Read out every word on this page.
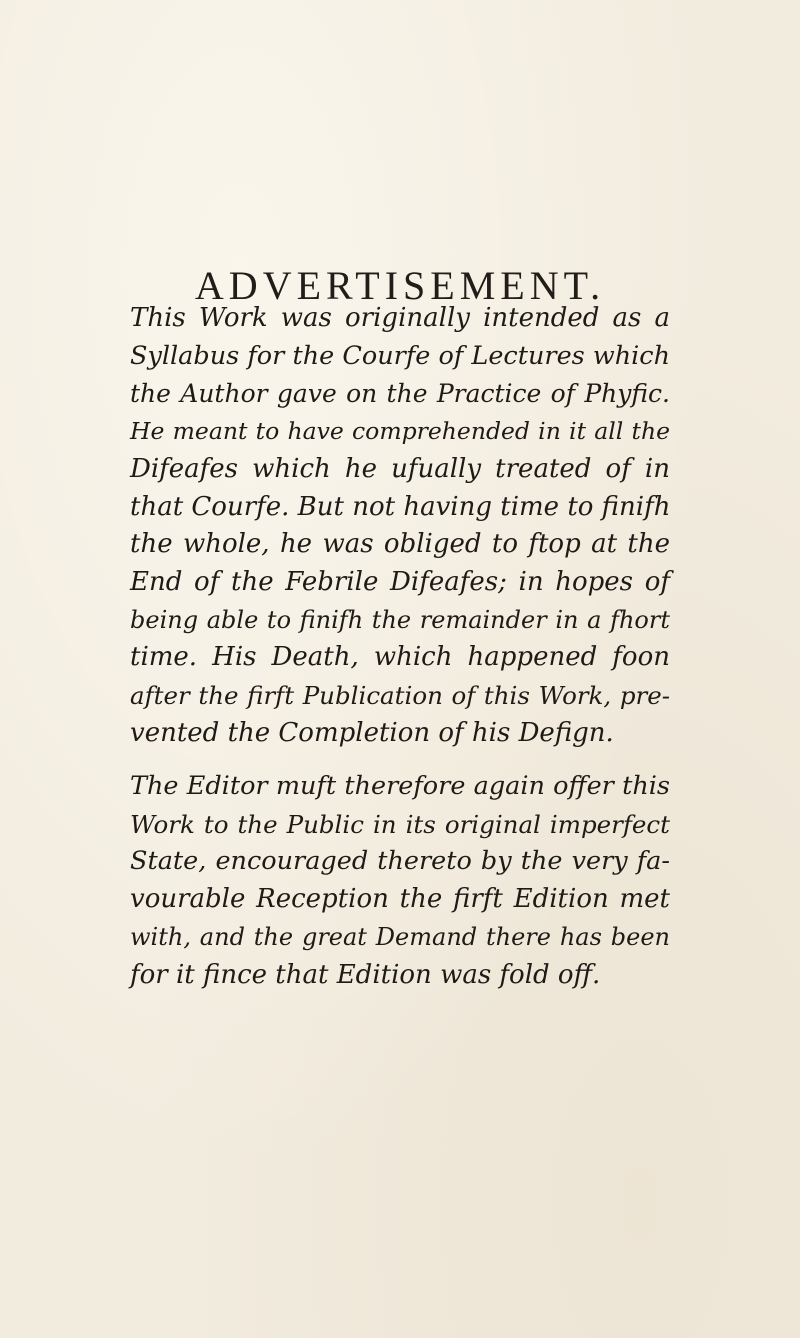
ADVERTISEMENT.
This Work was originally intended as a
Syllabus for the Courfe of Lectures which
the Author gave on the Practice of Phyfic.
He meant to have comprehended in it all the
Difeafes which he ufually treated of in
that Courfe. But not having time to finifh
the whole, he was obliged to ftop at the
End of the Febrile Difeafes; in hopes of
being able to finifh the remainder in a fhort
time. His Death, which happened foon
after the firft Publication of this Work, pre-
vented the Completion of his Defign.
The Editor muft therefore again offer this
Work to the Public in its original imperfect
State, encouraged thereto by the very fa-
vourable Reception the firft Edition met
with, and the great Demand there has been
for it fince that Edition was fold off.
